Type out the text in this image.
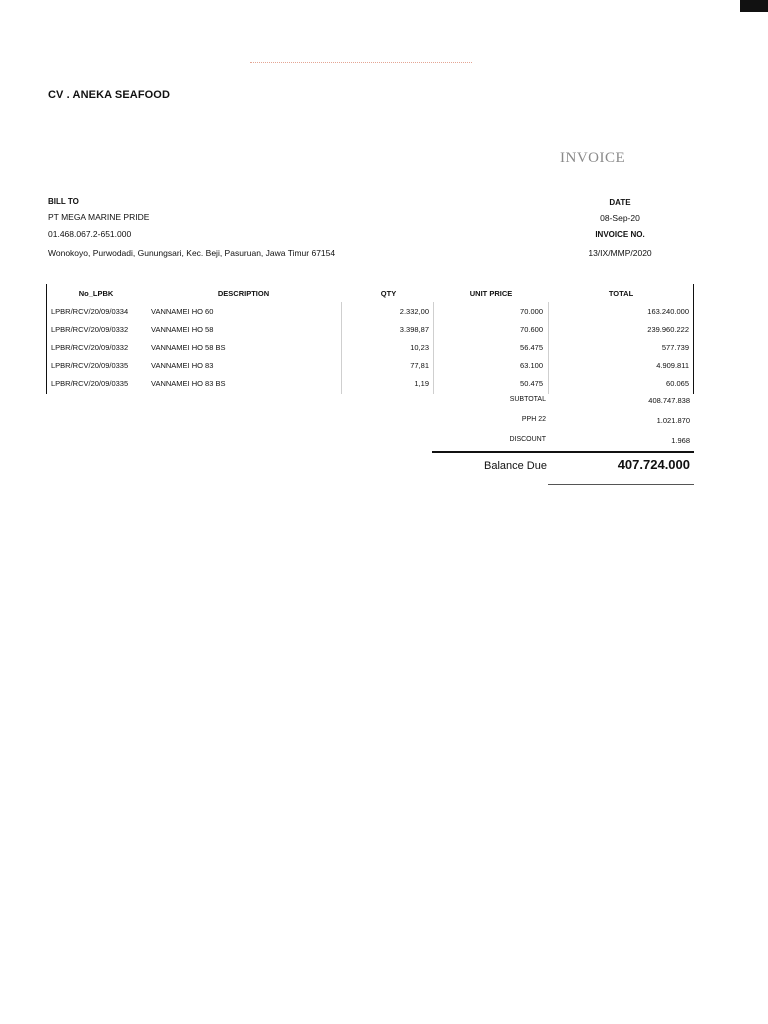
CV . ANEKA SEAFOOD
INVOICE
BILL TO
PT MEGA MARINE PRIDE
01.468.067.2-651.000
Wonokoyo, Purwodadi, Gunungsari, Kec. Beji, Pasuruan, Jawa Timur 67154
DATE
08-Sep-20
INVOICE NO.
13/IX/MMP/2020
No_LPBK	DESCRIPTION	QTY	UNIT PRICE	TOTAL
LPBR/RCV/20/09/0334	VANNAMEI HO 60	2.332,00	70.000	163.240.000
LPBR/RCV/20/09/0332	VANNAMEI HO 58	3.398,87	70.600	239.960.222
LPBR/RCV/20/09/0332	VANNAMEI HO 58 BS	10,23	56.475	577.739
LPBR/RCV/20/09/0335	VANNAMEI HO 83	77,81	63.100	4.909.811
LPBR/RCV/20/09/0335	VANNAMEI HO 83 BS	1,19	50.475	60.065
SUBTOTAL	408.747.838
PPH 22	1.021.870
DISCOUNT	1.968
Balance Due	407.724.000
